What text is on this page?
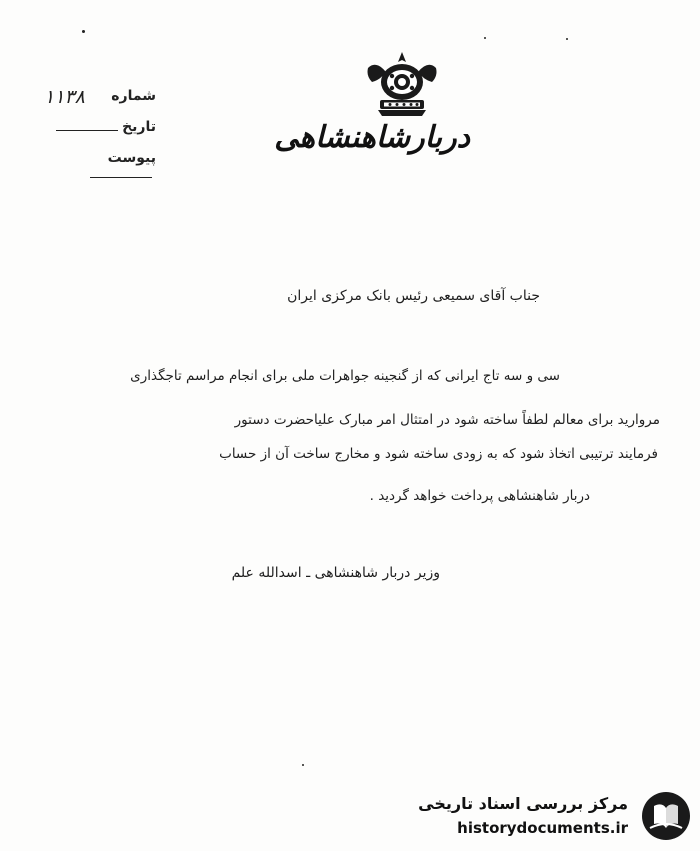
۱۱۳۸	شماره
تاریخ
پیوست
دربارشاهنشاهی
جناب آقای سمیعی رئیس بانک مرکزی ایران
سی و سه تاج ایرانی که از گنجینه جواهرات ملی برای انجام مراسم تاجگذاری
مروارید برای معالم لطفاً ساخته شود در امتثال امر مبارک علیاحضرت دستور
فرمایند ترتیبی اتخاذ شود که به زودی ساخته شود و مخارج ساخت آن از حساب
دربار شاهنشاهی پرداخت خواهد گردید .
وزیر دربار شاهنشاهی ـ اسدالله علم
مرکز بررسی اسناد تاریخی
historydocuments.ir
